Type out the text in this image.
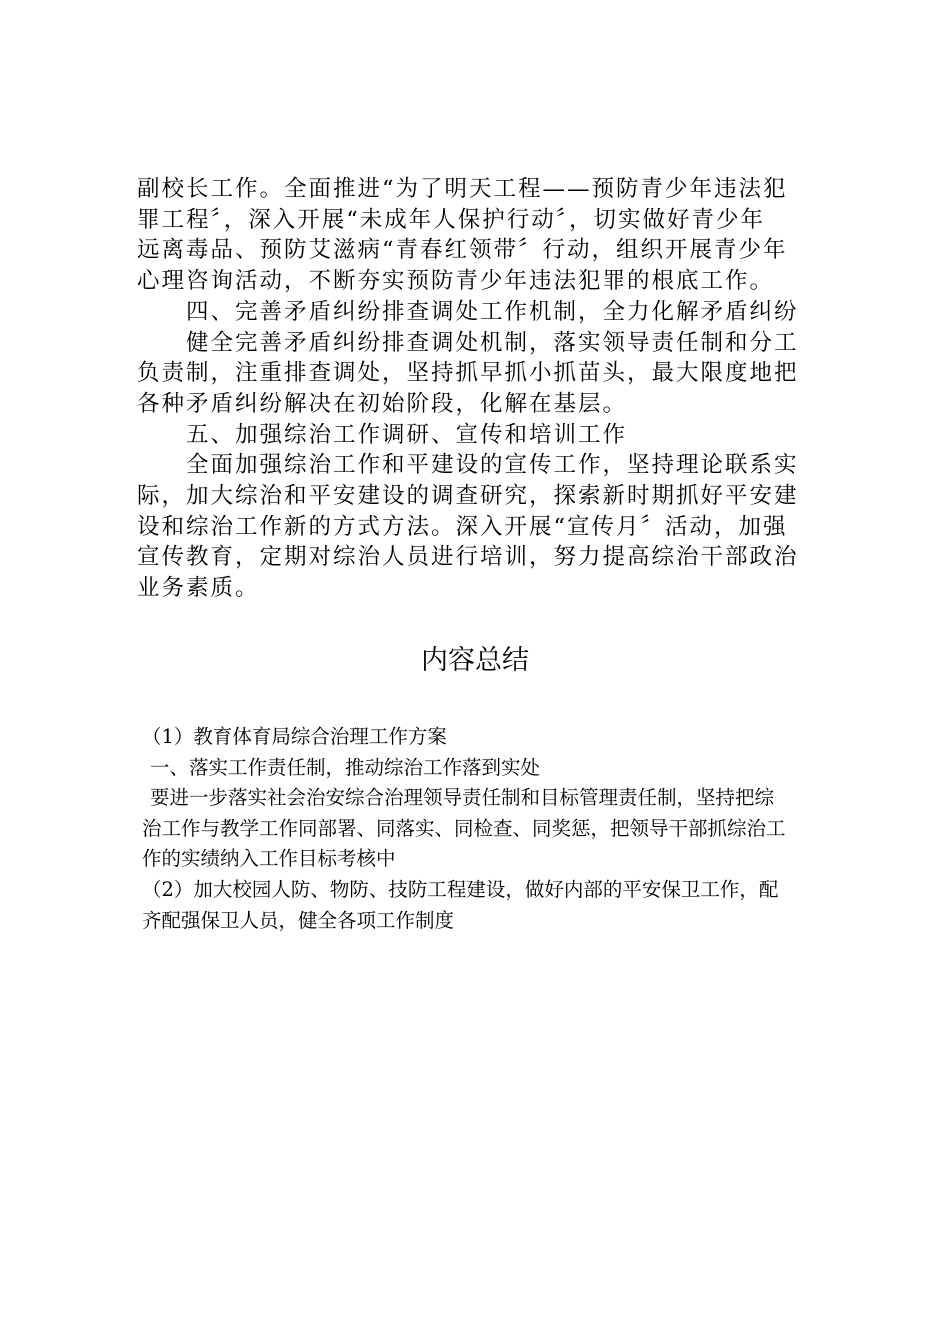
副校长工作。全面推进“为了明天工程——预防青少年违法犯

罪工程〞，深入开展“未成年人保护行动〞，切实做好青少年

远离毒品、预防艾滋病“青春红领带〞行动，组织开展青少年

心理咨询活动，不断夯实预防青少年违法犯罪的根底工作。

四、完善矛盾纠纷排查调处工作机制，全力化解矛盾纠纷

健全完善矛盾纠纷排查调处机制，落实领导责任制和分工

负责制，注重排查调处，坚持抓早抓小抓苗头，最大限度地把

各种矛盾纠纷解决在初始阶段，化解在基层。

五、加强综治工作调研、宣传和培训工作

全面加强综治工作和平建设的宣传工作，坚持理论联系实

际，加大综治和平安建设的调查研究，探索新时期抓好平安建

设和综治工作新的方式方法。深入开展“宣传月〞活动，加强

宣传教育，定期对综治人员进行培训，努力提高综治干部政治

业务素质。

内容总结

（1）教育体育局综合治理工作方案

一、落实工作责任制，推动综治工作落到实处

要进一步落实社会治安综合治理领导责任制和目标管理责任制，坚持把综

治工作与教学工作同部署、同落实、同检查、同奖惩，把领导干部抓综治工

作的实绩纳入工作目标考核中

（2）加大校园人防、物防、技防工程建设，做好内部的平安保卫工作，配

齐配强保卫人员，健全各项工作制度
